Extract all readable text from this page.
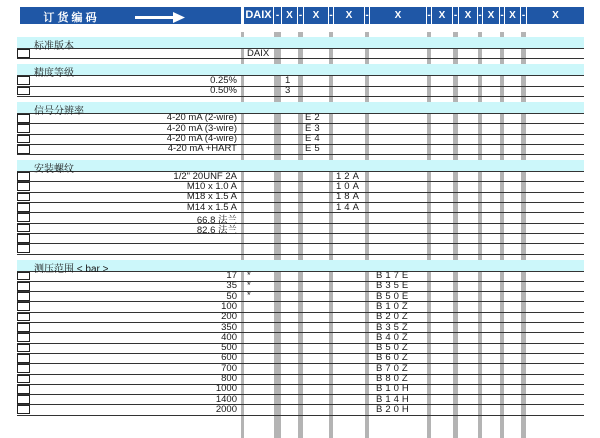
订 货 编 码	DAIX - X -	X	-	X	-	X	- X - X - X - X -	X
标准版本
DAIX
精度等级
0.25%	1
0.50%	3
信号分辨率
4-20 mA (2-wire)	E2
4-20 mA (3-wire)	E3
4-20 mA (4-wire)	E4
4-20 mA +HART	E5
安装螺纹
1/2" 20UNF 2A	12A
M10 x 1.0 A	10A
M18 x 1.5 A	18A
M14 x 1.5 A	14A
66.8 法兰
82.6 法兰
测压范围 < bar >
17 *	B17E
35 *	B35E
50 *	B50E
100	B10Z
200	B20Z
350	B35Z
400	B40Z
500	B50Z
600	B60Z
700	B70Z
800	B80Z
1000	B10H
1400	B14H
2000	B20H
